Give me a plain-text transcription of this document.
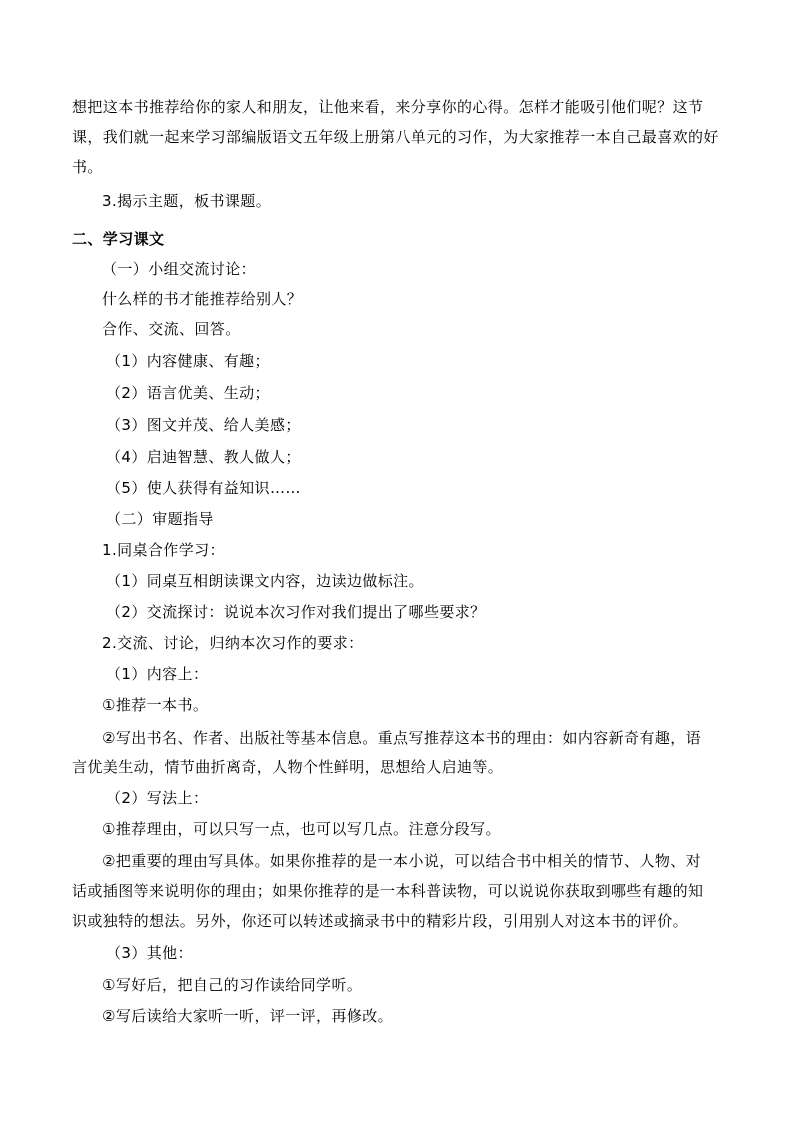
想把这本书推荐给你的家人和朋友，让他来看，来分享你的心得。怎样才能吸引他们呢？这节课，我们就一起来学习部编版语文五年级上册第八单元的习作，为大家推荐一本自己最喜欢的好书。
3.揭示主题，板书课题。
二、学习课文
（一）小组交流讨论：
什么样的书才能推荐给别人？
合作、交流、回答。
（1）内容健康、有趣；
（2）语言优美、生动；
（3）图文并茂、给人美感；
（4）启迪智慧、教人做人；
（5）使人获得有益知识……
（二）审题指导
1.同桌合作学习：
（1）同桌互相朗读课文内容，边读边做标注。
（2）交流探讨：说说本次习作对我们提出了哪些要求？
2.交流、讨论，归纳本次习作的要求：
（1）内容上：
①推荐一本书。
②写出书名、作者、出版社等基本信息。重点写推荐这本书的理由：如内容新奇有趣，语
言优美生动，情节曲折离奇，人物个性鲜明，思想给人启迪等。
（2）写法上：
①推荐理由，可以只写一点，也可以写几点。注意分段写。
②把重要的理由写具体。如果你推荐的是一本小说，可以结合书中相关的情节、人物、对
话或插图等来说明你的理由；如果你推荐的是一本科普读物，可以说说你获取到哪些有趣的知
识或独特的想法。另外，你还可以转述或摘录书中的精彩片段，引用别人对这本书的评价。
（3）其他：
①写好后，把自己的习作读给同学听。
②写后读给大家听一听，评一评，再修改。
